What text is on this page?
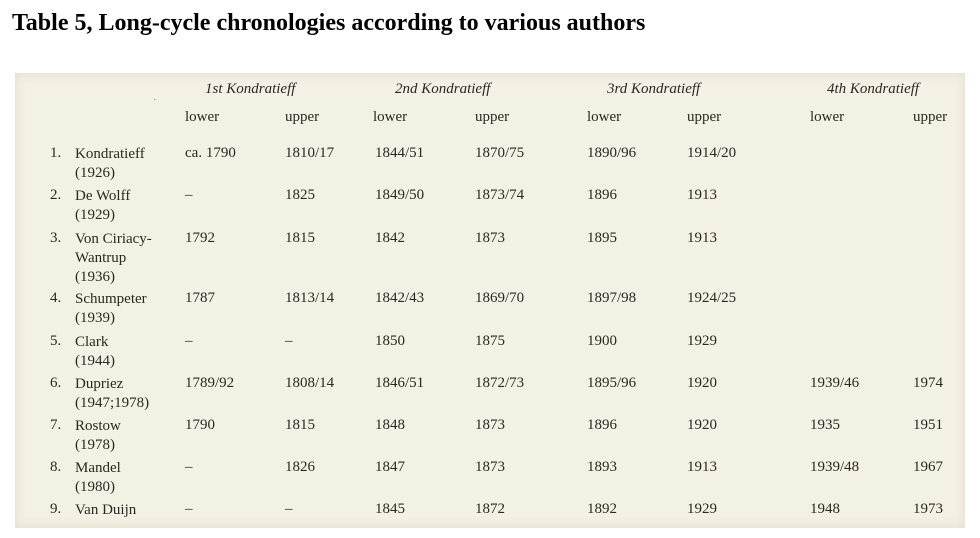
Table 5, Long-cycle chronologies according to various authors
·
1st Kondratieff	2nd Kondratieff	3rd Kondratieff	4th Kondratieff
lower	upper	lower	upper	lower	upper	lower	upper
1. Kondratieff
(1926)
ca. 1790	1810/17	1844/51	1870/75	1890/96	1914/20
2. De Wolff
(1929)
–	1825	1849/50	1873/74	1896	1913
3. Von Ciriacy-
Wantrup
(1936)
1792	1815	1842	1873	1895	1913
4. Schumpeter
(1939)
1787	1813/14	1842/43	1869/70	1897/98	1924/25
5. Clark
(1944)
–	–	1850	1875	1900	1929
6. Dupriez
(1947;1978)
1789/92	1808/14	1846/51	1872/73	1895/96	1920	1939/46	1974
7. Rostow
(1978)
1790	1815	1848	1873	1896	1920	1935	1951
8. Mandel
(1980)
–	1826	1847	1873	1893	1913	1939/48	1967
9. Van Duijn	–	–	1845	1872	1892	1929	1948	1973
